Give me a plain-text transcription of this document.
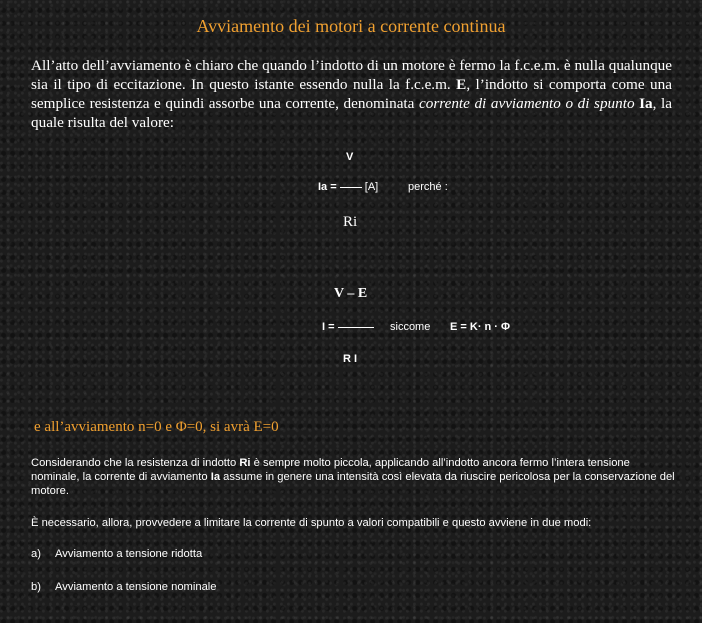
Avviamento dei motori a corrente continua
All’atto dell’avviamento è chiaro che quando l’indotto di un motore è fermo la f.c.e.m. è nulla qualunque sia il tipo di eccitazione. In questo istante essendo nulla la f.c.e.m. E, l’indotto si comporta come una semplice resistenza e quindi assorbe una corrente, denominata corrente di avviamento o di spunto Ia, la quale risulta del valore:
V
Ia =	[A]	perché :
Ri
V – E
I =	siccome E = K· n · Φ
R I
e all’avviamento n=0 e Φ=0, si avrà E=0
Considerando che la resistenza di indotto Ri è sempre molto piccola, applicando all’indotto ancora fermo l’intera tensione nominale, la corrente di avviamento Ia assume in genere una intensità così elevata da riuscire pericolosa per la conservazione del motore.
È necessario, allora, provvedere a limitare la corrente di spunto a valori compatibili e questo avviene in due modi:
a) Avviamento a tensione ridotta
b) Avviamento a tensione nominale
